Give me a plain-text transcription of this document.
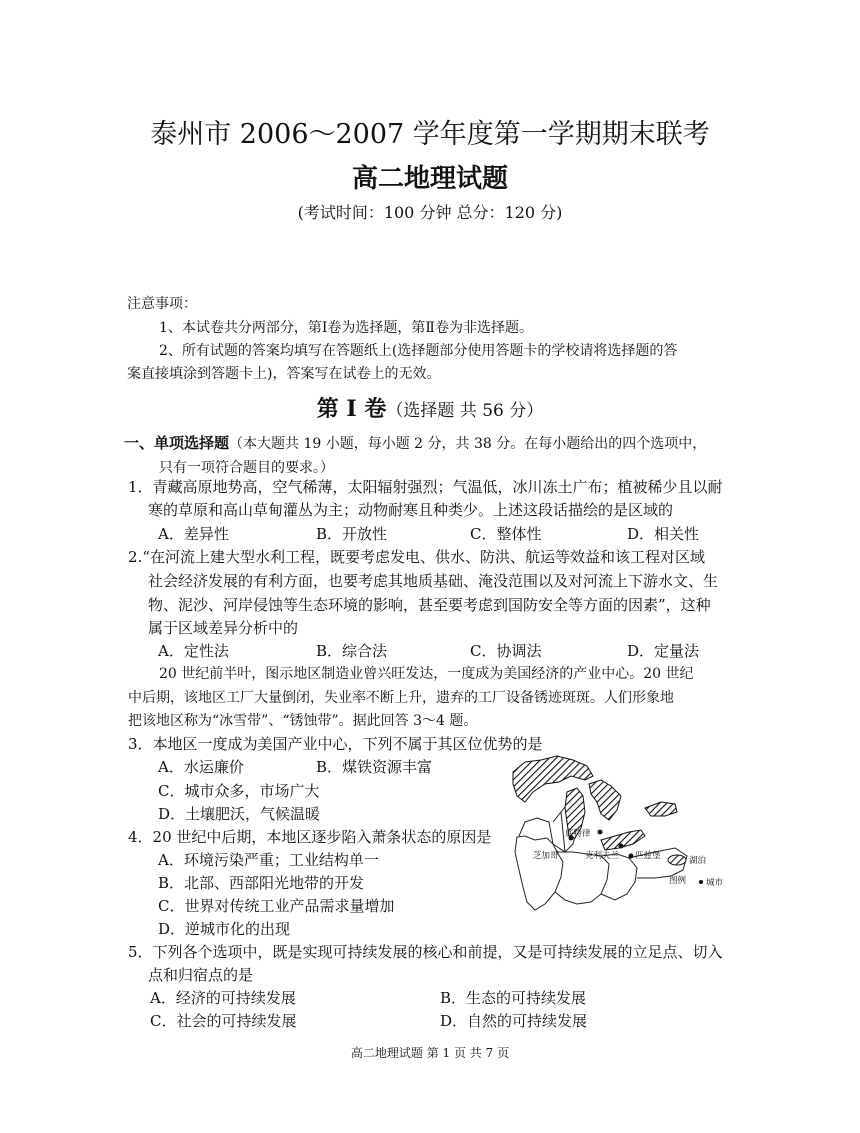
泰州市 2006～2007 学年度第一学期期末联考
高二地理试题
(考试时间：100 分钟 总分：120 分)
注意事项：
1、本试卷共分两部分，第Ⅰ卷为选择题，第Ⅱ卷为非选择题。
2、所有试题的答案均填写在答题纸上(选择题部分使用答题卡的学校请将选择题的答
案直接填涂到答题卡上)，答案写在试卷上的无效。
第 I 卷（选择题 共 56 分）
一、单项选择题（本大题共 19 小题，每小题 2 分，共 38 分。在每小题给出的四个选项中，
只有一项符合题目的要求。）
1．青藏高原地势高，空气稀薄，太阳辐射强烈；气温低，冰川冻土广布；植被稀少且以耐
寒的草原和高山草甸灌丛为主；动物耐寒且种类少。上述这段话描绘的是区域的
A．差异性	B．开放性	C．整体性	D．相关性
2.“在河流上建大型水利工程，既要考虑发电、供水、防洪、航运等效益和该工程对区域
社会经济发展的有利方面，也要考虑其地质基础、淹没范围以及对河流上下游水文、生
物、泥沙、河岸侵蚀等生态环境的影响，甚至要考虑到国防安全等方面的因素”，这种
属于区域差异分析中的
A．定性法	B．综合法	C．协调法	D．定量法
20 世纪前半叶，图示地区制造业曾兴旺发达，一度成为美国经济的产业中心。20 世纪
中后期，该地区工厂大量倒闭，失业率不断上升，遗弃的工厂设备锈迹斑斑。人们形象地
把该地区称为“冰雪带”、“锈蚀带”。据此回答 3～4 题。
3．本地区一度成为美国产业中心，下列不属于其区位优势的是
A．水运廉价	B．煤铁资源丰富
C．城市众多，市场广大
D．土壤肥沃，气候温暖
4．20 世纪中后期，本地区逐步陷入萧条状态的原因是
A．环境污染严重；工业结构单一
B．北部、西部阳光地带的开发
C．世界对传统工业产品需求量增加
D．逆城市化的出现
5．下列各个选项中，既是实现可持续发展的核心和前提，又是可持续发展的立足点、切入
点和归宿点的是
A．经济的可持续发展	B．生态的可持续发展
C．社会的可持续发展	D．自然的可持续发展
底特律
芝加哥	克利夫兰 匹兹堡	湖泊
图例 城市
高二地理试题 第 1 页 共 7 页
